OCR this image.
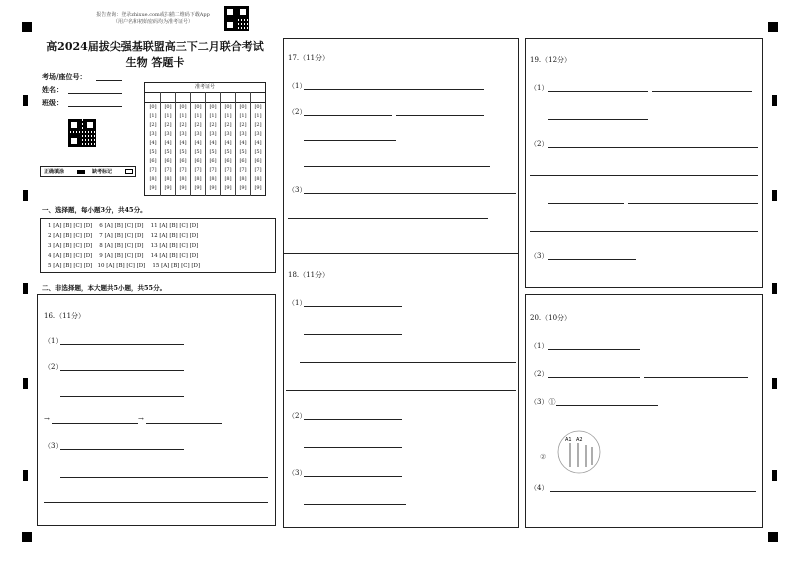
报告查询：登录zhixue.com或扫描二维码下载App
（用户名和初始密码均为准考证号）
高2024届拔尖强基联盟高三下二月联合考试
生物 答题卡
考场/座位号：
姓名：
班级：
正确填涂	缺考标记
准考证号
[0]
[1]
[2]
[3]
[4]
[5]
[6]
[7]
[8]
[9]
[0]
[1]
[2]
[3]
[4]
[5]
[6]
[7]
[8]
[9]
[0]
[1]
[2]
[3]
[4]
[5]
[6]
[7]
[8]
[9]
[0]
[1]
[2]
[3]
[4]
[5]
[6]
[7]
[8]
[9]
[0]
[1]
[2]
[3]
[4]
[5]
[6]
[7]
[8]
[9]
[0]
[1]
[2]
[3]
[4]
[5]
[6]
[7]
[8]
[9]
[0]
[1]
[2]
[3]
[4]
[5]
[6]
[7]
[8]
[9]
[0]
[1]
[2]
[3]
[4]
[5]
[6]
[7]
[8]
[9]
一、选择题，每小题3分，共45分。
1 [A] [B] [C] [D]    6 [A] [B] [C] [D]    11 [A] [B] [C] [D]
2 [A] [B] [C] [D]    7 [A] [B] [C] [D]    12 [A] [B] [C] [D]
3 [A] [B] [C] [D]    8 [A] [B] [C] [D]    13 [A] [B] [C] [D]
4 [A] [B] [C] [D]    9 [A] [B] [C] [D]    14 [A] [B] [C] [D]
5 [A] [B] [C] [D]   10 [A] [B] [C] [D]    15 [A] [B] [C] [D]
二、非选择题，本大题共5小题，共55分。
16.（11分）
（1）
（2）
→	→
（3）
17.（11分）
（1）
（2）
（3）
18.（11分）
（1）
（2）
（3）
19.（12分）
（1）
（2）
（3）
20.（10分）
（1）
（2）
（3）①
②
A1 A2
（4）
